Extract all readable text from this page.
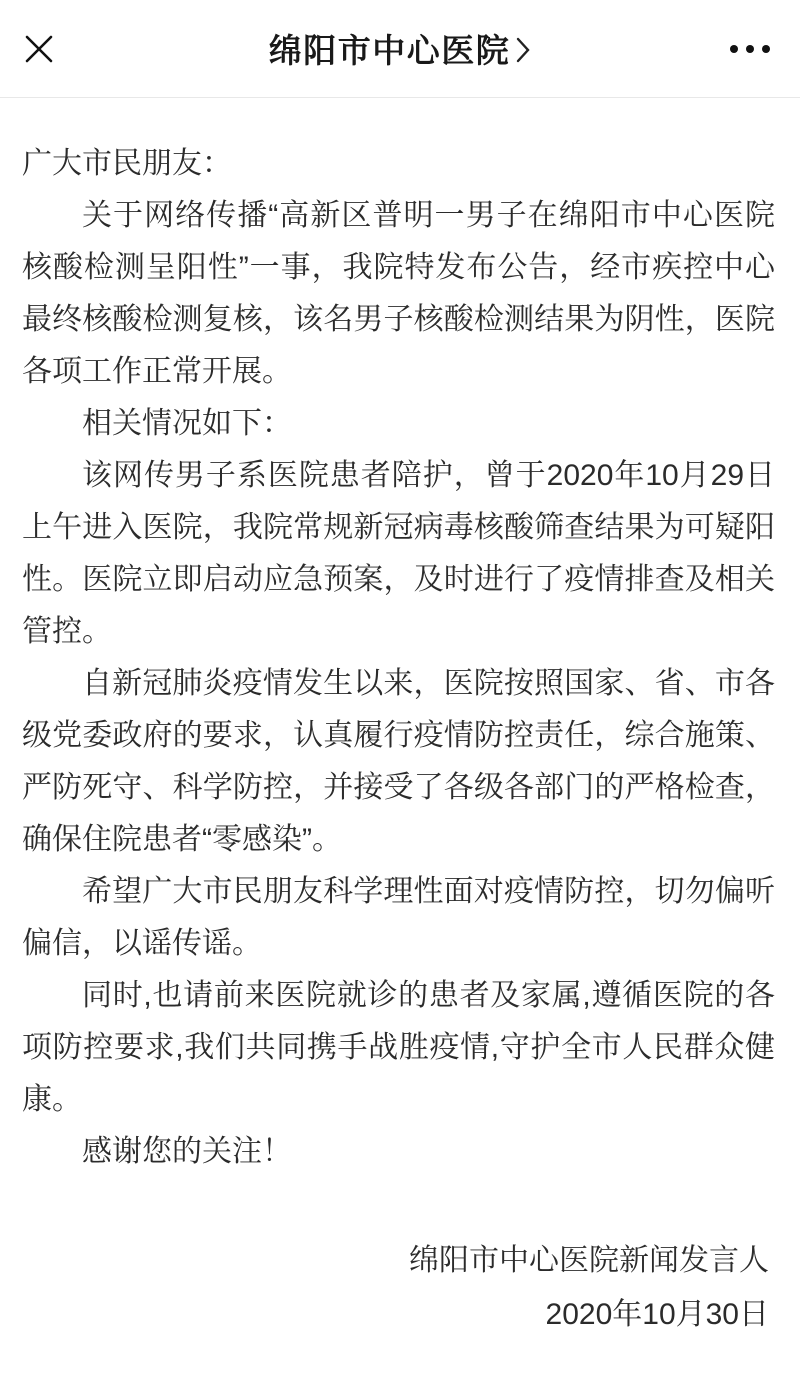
绵阳市中心医院

广大市民朋友：

关于网络传播“高新区普明一男子在绵阳市中心医院核酸检测呈阳性”一事，我院特发布公告，经市疾控中心最终核酸检测复核，该名男子核酸检测结果为阴性，医院各项工作正常开展。

相关情况如下：

该网传男子系医院患者陪护，曾于2020年10月29日上午进入医院，我院常规新冠病毒核酸筛查结果为可疑阳性。医院立即启动应急预案，及时进行了疫情排查及相关管控。

自新冠肺炎疫情发生以来，医院按照国家、省、市各级党委政府的要求，认真履行疫情防控责任，综合施策、严防死守、科学防控，并接受了各级各部门的严格检查，确保住院患者“零感染”。

希望广大市民朋友科学理性面对疫情防控，切勿偏听偏信，以谣传谣。

同时,也请前来医院就诊的患者及家属,遵循医院的各项防控要求,我们共同携手战胜疫情,守护全市人民群众健康。

感谢您的关注！

绵阳市中心医院新闻发言人

2020年10月30日
